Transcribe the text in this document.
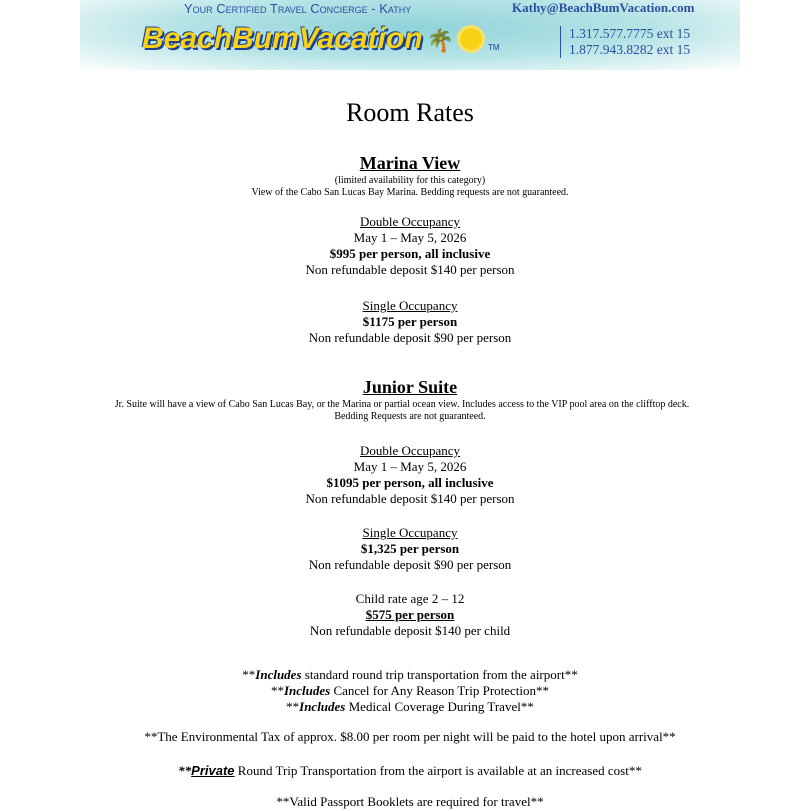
Your Certified Travel Concierge - Kathy
BeachBumVacation 🌴	TM
Kathy@BeachBumVacation.com
1.317.577.7775 ext 15
1.877.943.8282 ext 15
Room Rates
Marina View
(limited availability for this category)
View of the Cabo San Lucas Bay Marina. Bedding requests are not guaranteed.
Double Occupancy
May 1 – May 5, 2026
$995 per person, all inclusive
Non refundable deposit $140 per person
Single Occupancy
$1175 per person
Non refundable deposit $90 per person
Junior Suite
Jr. Suite will have a view of Cabo San Lucas Bay, or the Marina or partial ocean view. Includes access to the VIP pool area on the clifftop deck.
Bedding Requests are not guaranteed.
Double Occupancy
May 1 – May 5, 2026
$1095 per person, all inclusive
Non refundable deposit $140 per person
Single Occupancy
$1,325 per person
Non refundable deposit $90 per person
Child rate age 2 – 12
$575 per person
Non refundable deposit $140 per child
**Includes standard round trip transportation from the airport**
**Includes Cancel for Any Reason Trip Protection**
**Includes Medical Coverage During Travel**
**The Environmental Tax of approx. $8.00 per room per night will be paid to the hotel upon arrival**
**Private Round Trip Transportation from the airport is available at an increased cost**
**Valid Passport Booklets are required for travel**
